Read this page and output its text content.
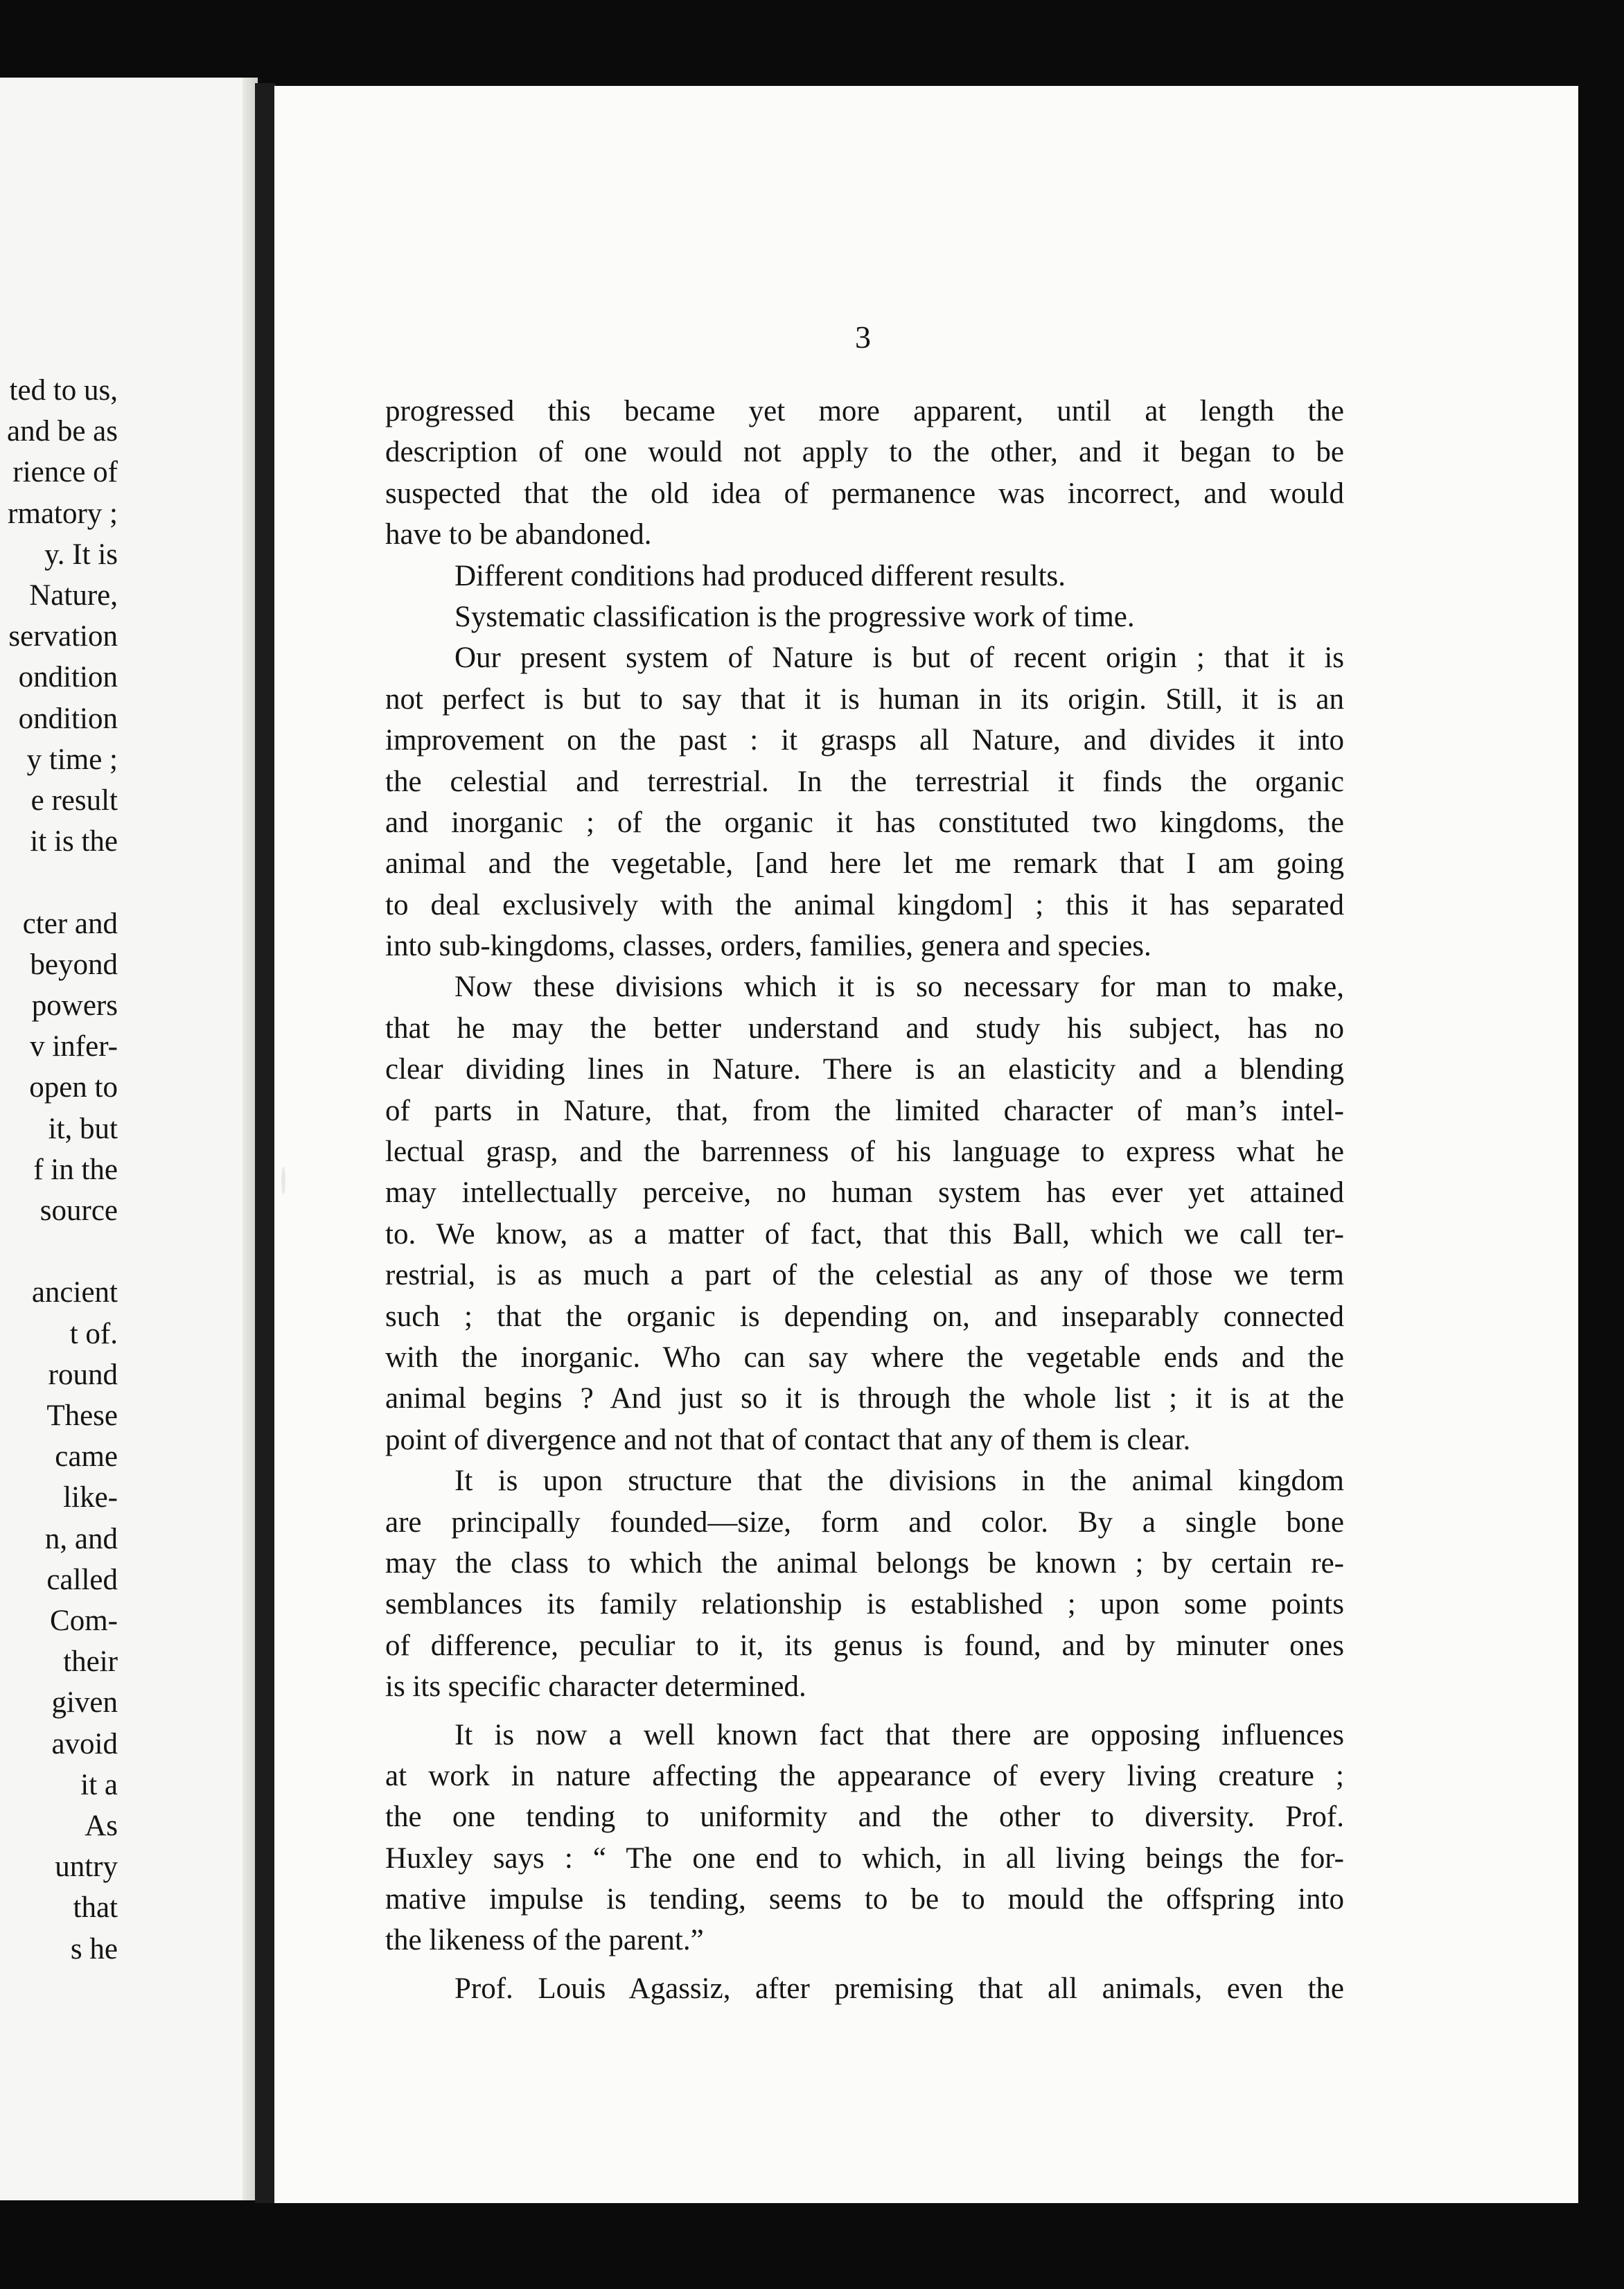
ted to us,
and be as
rience of
rmatory ;
y. It is
Nature,
servation
ondition
ondition
y time ;
e result
it is the
cter and
beyond
powers
v infer-
open to
it, but
f in the
source
ancient
t of.
round
These
came
like-
n, and
called
Com-
their
given
avoid
it a
As
untry
that
s he
3
progressed this became yet more apparent, until at length the
description of one would not apply to the other, and it began to be
suspected that the old idea of permanence was incorrect, and would
have to be abandoned.
Different conditions had produced different results.
Systematic classification is the progressive work of time.
Our present system of Nature is but of recent origin ; that it is
not perfect is but to say that it is human in its origin. Still, it is an
improvement on the past : it grasps all Nature, and divides it into
the celestial and terrestrial. In the terrestrial it finds the organic
and inorganic ; of the organic it has constituted two kingdoms, the
animal and the vegetable, [and here let me remark that I am going
to deal exclusively with the animal kingdom] ; this it has separated
into sub-kingdoms, classes, orders, families, genera and species.
Now these divisions which it is so necessary for man to make,
that he may the better understand and study his subject, has no
clear dividing lines in Nature. There is an elasticity and a blending
of parts in Nature, that, from the limited character of man’s intel-
lectual grasp, and the barrenness of his language to express what he
may intellectually perceive, no human system has ever yet attained
to. We know, as a matter of fact, that this Ball, which we call ter-
restrial, is as much a part of the celestial as any of those we term
such ; that the organic is depending on, and inseparably connected
with the inorganic. Who can say where the vegetable ends and the
animal begins ? And just so it is through the whole list ; it is at the
point of divergence and not that of contact that any of them is clear.
It is upon structure that the divisions in the animal kingdom
are principally founded—size, form and color. By a single bone
may the class to which the animal belongs be known ; by certain re-
semblances its family relationship is established ; upon some points
of difference, peculiar to it, its genus is found, and by minuter ones
is its specific character determined.
It is now a well known fact that there are opposing influences
at work in nature affecting the appearance of every living creature ;
the one tending to uniformity and the other to diversity. Prof.
Huxley says : “ The one end to which, in all living beings the for-
mative impulse is tending, seems to be to mould the offspring into
the likeness of the parent.”
Prof. Louis Agassiz, after premising that all animals, even the
